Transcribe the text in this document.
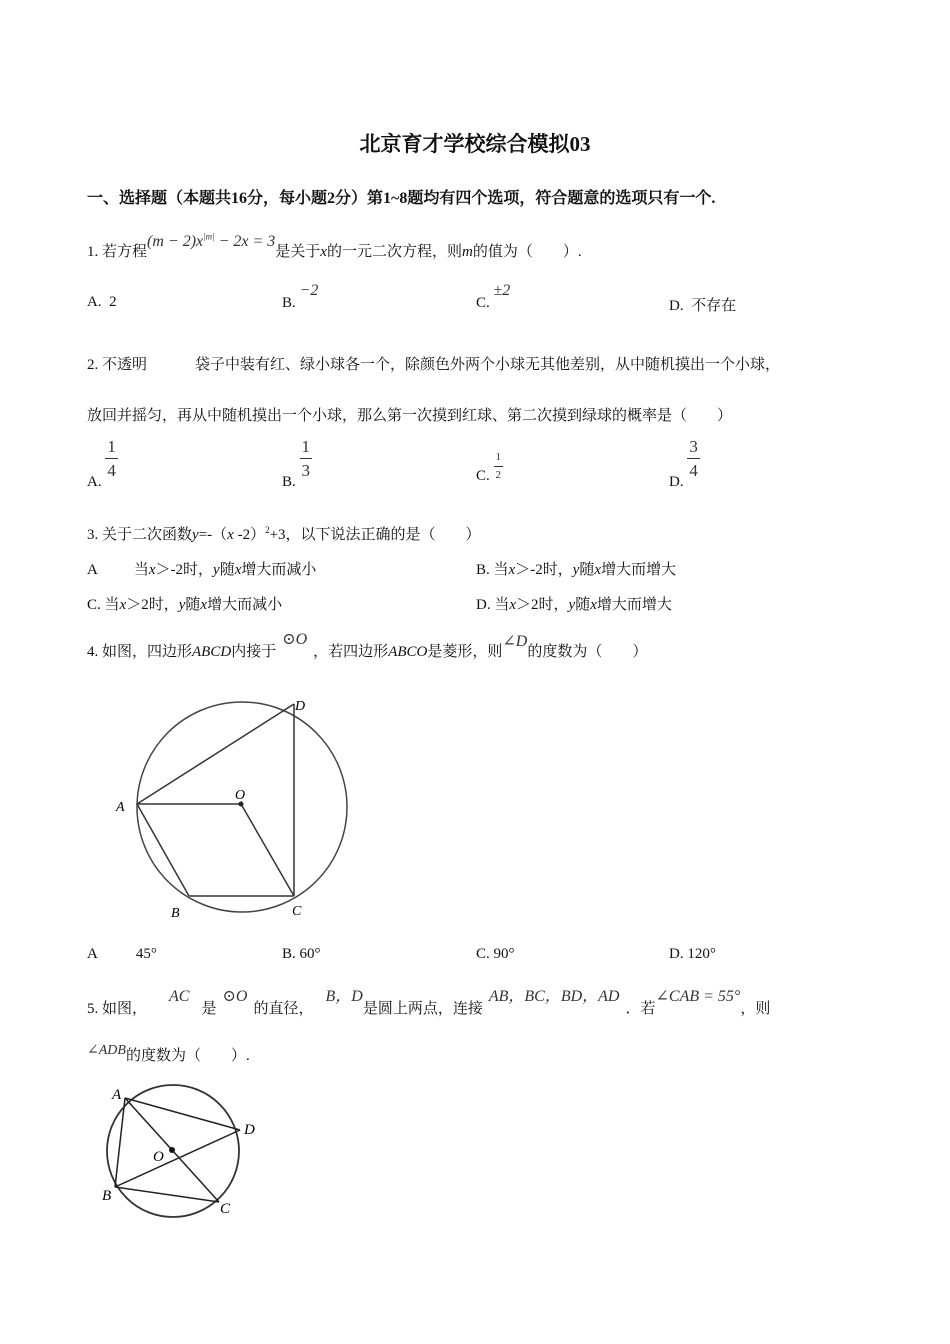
北京育才学校综合模拟03
一、选择题（本题共16分，每小题2分）第1~8题均有四个选项，符合题意的选项只有一个.
1. 若方程$(m - 2)x^{|m|} - 2x = 3$是关于x的一元二次方程，则m的值为（　　）.
A. 2	B. −2
C. ±2
D. 不存在
2. 不透明	袋子中装有红、绿小球各一个，除颜色外两个小球无其他差别，从中随机摸出一个小球，
放回并摇匀，再从中随机摸出一个小球，那么第一次摸到红球、第二次摸到绿球的概率是（　　）
A.
$\frac{1}{4}$
B.
$\frac{1}{3}$	C. $\frac{1}{2}$
D.
$\frac{3}{4}$
3. 关于二次函数y=-（x -2）$^2$+3，以下说法正确的是（　　）
A 当x＞-2时，y随x增大而减小	B. 当x＞-2时，y随x增大而增大
C. 当x＞2时，y随x增大而减小	D. 当x＞2时，y随x增大而增大
4. 如图，四边形ABCD内接于⊙O，若四边形ABCO是菱形，则∠D的度数为（　　）
A
B	C
D
O
A	45°	B. 60°	C. 90°	D. 120°
5. 如图，AC是⊙O的直径，B，D是圆上两点，连接AB，BC，BD，AD．若∠CAB = 55°，则
∠ADB的度数为（　　）.
A
B
C
D
O
